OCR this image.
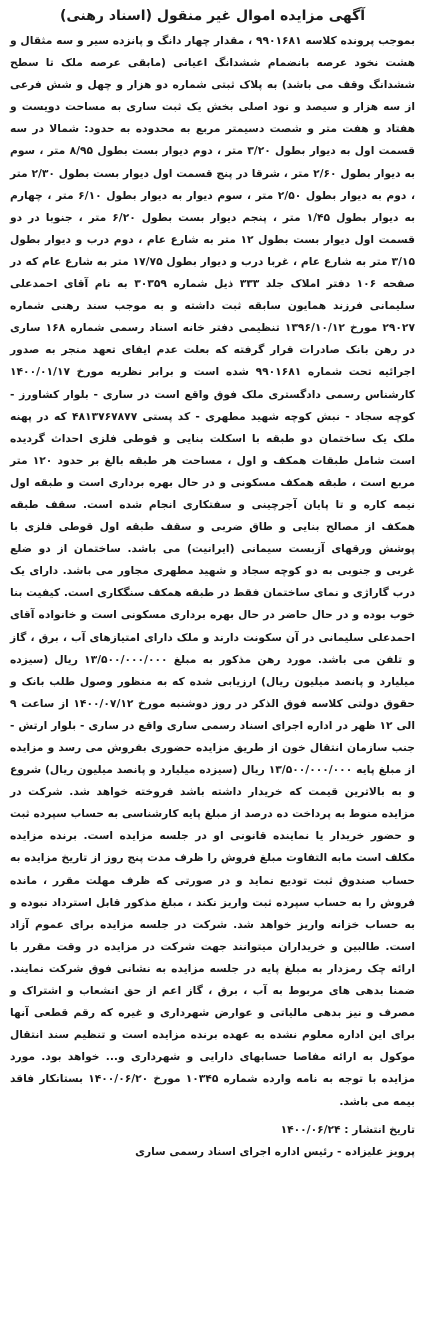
آگهی مزایده اموال غیر منقول (اسناد رهنی)

بموجب پرونده کلاسه ۹۹۰۱۶۸۱ ، مقدار چهار دانگ و پانزده سیر و سه مثقال و هشت نخود عرصه بانضمام ششدانگ اعیانی (مابقی عرصه ملک تا سطح ششدانگ وقف می باشد) به پلاک ثبتی شماره دو هزار و چهل و شش فرعی از سه هزار و سیصد و نود اصلی بخش یک ثبت ساری به مساحت دویست و هفتاد و هفت متر و شصت دسیمتر مربع به محدوده به حدود: شمالا در سه قسمت اول به دیوار بطول ۳/۲۰ متر ، دوم دیوار بست بطول ۸/۹۵ متر ، سوم به دیوار بطول ۲/۶۰ متر ، شرقا در پنج قسمت اول دیوار بست بطول ۲/۳۰ متر ، دوم به دیوار بطول ۲/۵۰ متر ، سوم دیوار به دیوار بطول ۶/۱۰ متر ، چهارم به دیوار بطول ۱/۴۵ متر ، پنجم دیوار بست بطول ۶/۲۰ متر ، جنوبا در دو قسمت اول دیوار بست بطول ۱۲ متر به شارع عام ، دوم درب و دیوار بطول ۳/۱۵ متر به شارع عام ، غربا درب و دیوار بطول ۱۷/۷۵ متر به شارع عام که در صفحه ۱۰۶ دفتر املاک جلد ۳۳۳ ذیل شماره ۳۰۳۵۹ به نام آقای احمدعلی سلیمانی فرزند همایون سابقه ثبت داشته و به موجب سند رهنی شماره ۲۹۰۲۷ مورخ ۱۳۹۶/۱۰/۱۲ تنظیمی دفتر خانه اسناد رسمی شماره ۱۶۸ ساری در رهن بانک صادرات قرار گرفته که بعلت عدم ایفای تعهد منجر به صدور اجرائیه تحت شماره ۹۹۰۱۶۸۱ شده است و برابر نظریه مورخ ۱۴۰۰/۰۱/۱۷ کارشناس رسمی دادگستری ملک فوق واقع است در ساری - بلوار کشاورز - کوچه سجاد - نبش کوچه شهید مطهری - کد پستی ۴۸۱۳۷۶۷۸۷۷ که در پهنه ملک یک ساختمان دو طبقه با اسکلت بنایی و قوطی فلزی احداث گردیده است شامل طبقات همکف و اول ، مساحت هر طبقه بالغ بر حدود ۱۲۰ متر مربع است ، طبقه همکف مسکونی و در حال بهره برداری است و طبقه اول نیمه کاره و تا پایان آجرچینی و سفتکاری انجام شده است. سقف طبقه همکف از مصالح بنایی و طاق ضربی و سقف طبقه اول قوطی فلزی با پوشش ورقهای آزبست سیمانی (ایرانیت) می باشد. ساختمان از دو ضلع غربی و جنوبی به دو کوچه سجاد و شهید مطهری مجاور می باشد. دارای یک درب گاراژی و نمای ساختمان فقط در طبقه همکف سنگکاری است. کیفیت بنا خوب بوده و در حال حاضر در حال بهره برداری مسکونی است و خانواده آقای احمدعلی سلیمانی در آن سکونت دارند و ملک دارای امتیازهای آب ، برق ، گاز و تلفن می باشد. مورد رهن مذکور به مبلغ ۱۳/۵۰۰/۰۰۰/۰۰۰ ریال (سیزده میلیارد و پانصد میلیون ریال) ارزیابی شده که به منظور وصول طلب بانک و حقوق دولتی کلاسه فوق الذکر در روز دوشنبه مورخ ۱۴۰۰/۰۷/۱۲ از ساعت ۹ الی ۱۲ ظهر در اداره اجرای اسناد رسمی ساری واقع در ساری - بلوار ارتش - جنب سازمان انتقال خون از طریق مزایده حضوری بفروش می رسد و مزایده از مبلغ پایه ۱۳/۵۰۰/۰۰۰/۰۰۰ ریال (سیزده میلیارد و پانصد میلیون ریال) شروع و به بالاترین قیمت که خریدار داشته باشد فروخته خواهد شد. شرکت در مزایده منوط به پرداخت ده درصد از مبلغ پایه کارشناسی به حساب سپرده ثبت و حضور خریدار یا نماینده قانونی او در جلسه مزایده است. برنده مزایده مکلف است مابه التفاوت مبلغ فروش را ظرف مدت پنج روز از تاریخ مزایده به حساب صندوق ثبت تودیع نماید و در صورتی که ظرف مهلت مقرر ، مانده فروش را به حساب سپرده ثبت واریز نکند ، مبلغ مذکور قابل استرداد نبوده و به حساب خزانه واریز خواهد شد. شرکت در جلسه مزایده برای عموم آزاد است. طالبین و خریداران میتوانند جهت شرکت در مزایده در وقت مقرر با ارائه چک رمزدار به مبلغ پایه در جلسه مزایده به نشانی فوق شرکت نمایند. ضمنا بدهی های مربوط به آب ، برق ، گاز اعم از حق انشعاب و اشتراک و مصرف و نیز بدهی مالیاتی و عوارض شهرداری و غیره که رقم قطعی آنها برای این اداره معلوم نشده به عهده برنده مزایده است و تنظیم سند انتقال موکول به ارائه مفاصا حسابهای دارایی و شهرداری و... خواهد بود. مورد مزایده با توجه به نامه وارده شماره ۱۰۳۴۵ مورخ ۱۴۰۰/۰۶/۲۰ بستانکار فاقد بیمه می باشد.

تاریخ انتشار : ۱۴۰۰/۰۶/۲۴
پرویز علیزاده - رئیس اداره اجرای اسناد رسمی ساری
